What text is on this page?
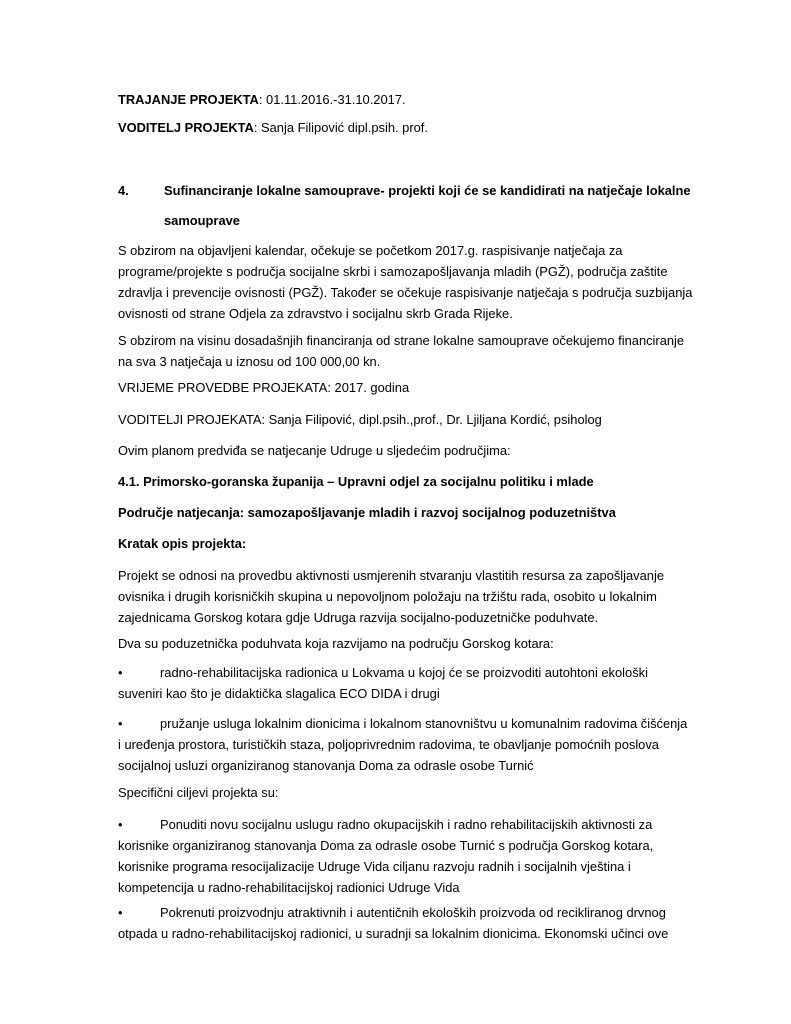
TRAJANJE PROJEKTA: 01.11.2016.-31.10.2017.
VODITELJ PROJEKTA: Sanja Filipović dipl.psih. prof.
4.	Sufinanciranje lokalne samouprave- projekti koji će se kandidirati na natječaje lokalne
samouprave
S obzirom na objavljeni kalendar, očekuje se početkom 2017.g. raspisivanje natječaja za
programe/projekte s područja socijalne skrbi i samozapošljavanja mladih (PGŽ), područja zaštite
zdravlja i prevencije ovisnosti (PGŽ). Također se očekuje raspisivanje natječaja s područja suzbijanja
ovisnosti od strane Odjela za zdravstvo i socijalnu skrb Grada Rijeke.
S obzirom na visinu dosadašnjih financiranja od strane lokalne samouprave očekujemo financiranje
na sva 3 natječaja u iznosu od 100 000,00 kn.
VRIJEME PROVEDBE PROJEKATA: 2017. godina
VODITELJI PROJEKATA: Sanja Filipović, dipl.psih.,prof., Dr. Ljiljana Kordić, psiholog
Ovim planom predviđa se natjecanje Udruge u sljedećim područjima:
4.1. Primorsko-goranska županija – Upravni odjel za socijalnu politiku i mlade
Područje natjecanja: samozapošljavanje mladih i razvoj socijalnog poduzetništva
Kratak opis projekta:
Projekt se odnosi na provedbu aktivnosti usmjerenih stvaranju vlastitih resursa za zapošljavanje
ovisnika i drugih korisničkih skupina u nepovoljnom položaju na tržištu rada, osobito u lokalnim
zajednicama Gorskog kotara gdje Udruga razvija socijalno-poduzetničke poduhvate.
Dva su poduzetnička poduhvata koja razvijamo na području Gorskog kotara:
•	radno-rehabilitacijska radionica u Lokvama u kojoj će se proizvoditi autohtoni ekološki
suveniri kao što je didaktička slagalica ECO DIDA i drugi
•	pružanje usluga lokalnim dionicima i lokalnom stanovništvu u komunalnim radovima čišćenja
i uređenja prostora, turističkih staza, poljoprivrednim radovima, te obavljanje pomoćnih poslova
socijalnoj usluzi organiziranog stanovanja Doma za odrasle osobe Turnić
Specifični ciljevi projekta su:
•	Ponuditi novu socijalnu uslugu radno okupacijskih i radno rehabilitacijskih aktivnosti za
korisnike organiziranog stanovanja Doma za odrasle osobe Turnić s područja Gorskog kotara,
korisnike programa resocijalizacije Udruge Vida ciljanu razvoju radnih i socijalnih vještina i
kompetencija u radno-rehabilitacijskoj radionici Udruge Vida
•	Pokrenuti proizvodnju atraktivnih i autentičnih ekoloških proizvoda od recikliranog drvnog
otpada u radno-rehabilitacijskoj radionici, u suradnji sa lokalnim dionicima. Ekonomski učinci ove
